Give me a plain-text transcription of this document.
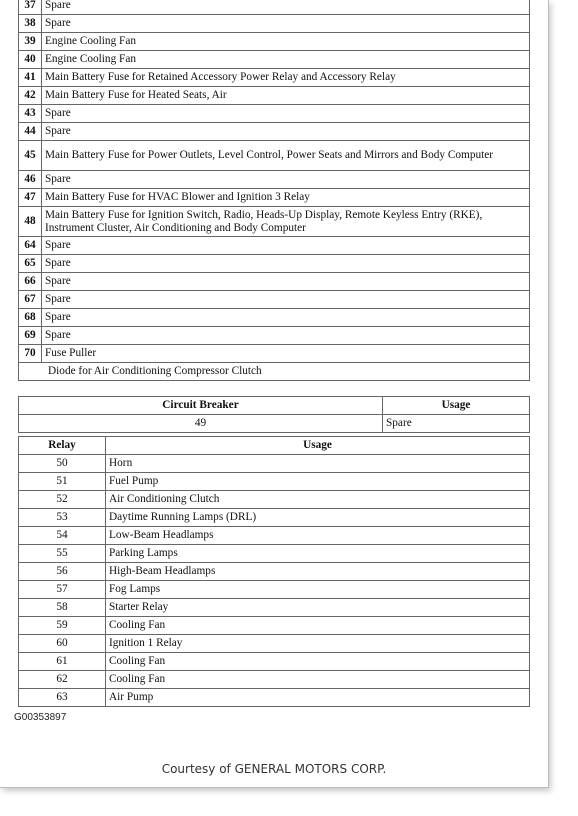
37	Spare
38	Spare
39	Engine Cooling Fan
40	Engine Cooling Fan
41	Main Battery Fuse for Retained Accessory Power Relay and Accessory Relay
42	Main Battery Fuse for Heated Seats, Air
43	Spare
44	Spare
45	Main Battery Fuse for Power Outlets, Level Control, Power Seats and Mirrors and Body Computer
46	Spare
47	Main Battery Fuse for HVAC Blower and Ignition 3 Relay
48	Main Battery Fuse for Ignition Switch, Radio, Heads-Up Display, Remote Keyless Entry (RKE), Instrument Cluster, Air Conditioning and Body Computer
64	Spare
65	Spare
66	Spare
67	Spare
68	Spare
69	Spare
70	Fuse Puller
Diode for Air Conditioning Compressor Clutch	
Circuit Breaker	Usage
49	Spare
Relay	Usage
50	Horn
51	Fuel Pump
52	Air Conditioning Clutch
53	Daytime Running Lamps (DRL)
54	Low-Beam Headlamps
55	Parking Lamps
56	High-Beam Headlamps
57	Fog Lamps
58	Starter Relay
59	Cooling Fan
60	Ignition 1 Relay
61	Cooling Fan
62	Cooling Fan
63	Air Pump
G00353897
Courtesy of GENERAL MOTORS CORP.
